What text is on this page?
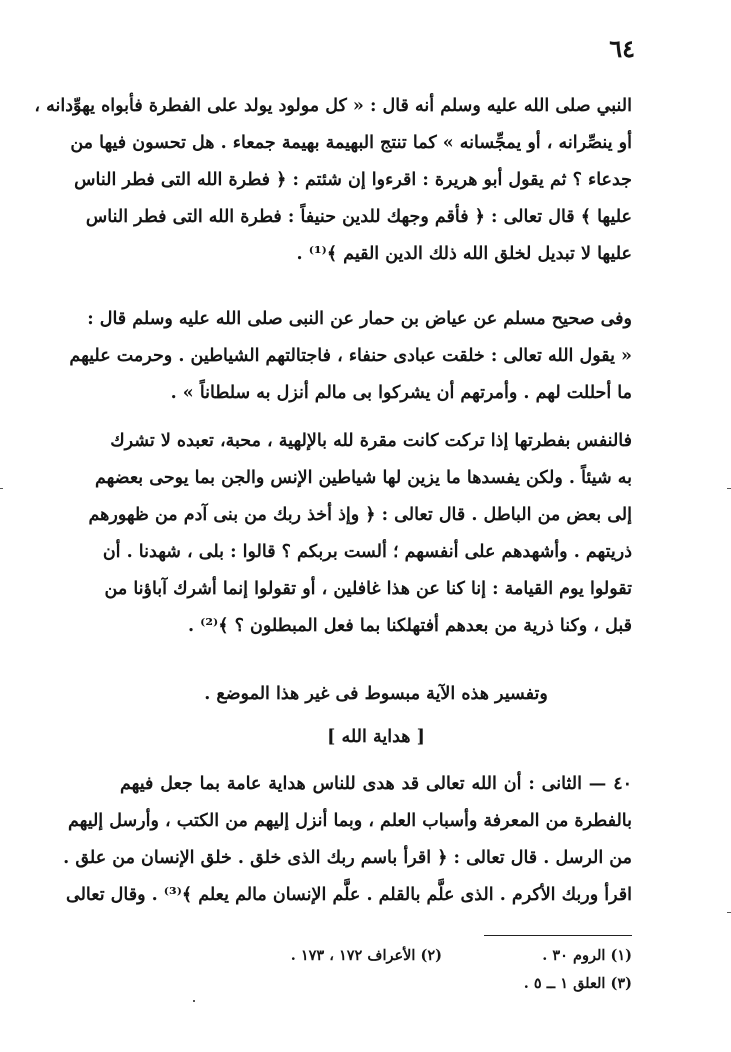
٦٤
النبي صلى الله عليه وسلم أنه قال : « كل مولود يولد على الفطرة فأبواه يهوِّدانه ،
أو ينصِّرانه ، أو يمجِّسانه » كما تنتج البهيمة بهيمة جمعاء . هل تحسون فيها من
جدعاء ؟ ثم يقول أبو هريرة : اقرءوا إن شئتم : ﴿ فطرة الله التى فطر الناس
عليها ﴾ قال تعالى : ﴿ فأقم وجهك للدين حنيفاً : فطرة الله التى فطر الناس
عليها لا تبديل لخلق الله ذلك الدين القيم ﴾⁽¹⁾ .
وفى صحيح مسلم عن عياض بن حمار عن النبى صلى الله عليه وسلم قال :
« يقول الله تعالى : خلقت عبادى حنفاء ، فاجتالتهم الشياطين . وحرمت عليهم
ما أحللت لهم . وأمرتهم أن يشركوا بى مالم أنزل به سلطاناً » .
فالنفس بفطرتها إذا تركت كانت مقرة لله بالإلهية ، محبة، تعبده لا تشرك
به شيئاً . ولكن يفسدها ما يزين لها شياطين الإنس والجن بما يوحى بعضهم
إلى بعض من الباطل . قال تعالى : ﴿ وإذ أخذ ربك من بنى آدم من ظهورهم
ذريتهم . وأشهدهم على أنفسهم ؛ ألست بربكم ؟ قالوا : بلى ، شهدنا . أن
تقولوا يوم القيامة : إنا كنا عن هذا غافلين ، أو تقولوا إنما أشرك آباؤنا من
قبل ، وكنا ذرية من بعدهم أفتهلكنا بما فعل المبطلون ؟ ﴾⁽²⁾ .
وتفسير هذه الآية مبسوط فى غير هذا الموضع .
[ هداية الله ]
٤٠ — الثانى : أن الله تعالى قد هدى للناس هداية عامة بما جعل فيهم
بالفطرة من المعرفة وأسباب العلم ، وبما أنزل إليهم من الكتب ، وأرسل إليهم
من الرسل . قال تعالى : ﴿ اقرأ باسم ربك الذى خلق . خلق الإنسان من علق .
اقرأ وربك الأكرم . الذى علَّم بالقلم . علَّم الإنسان مالم يعلم ﴾⁽³⁾ . وقال تعالى
(١) الروم ٣٠ .
(٢) الأعراف ١٧٢ ، ١٧٣ .
(٣) العلق ١ ــ ٥ .
